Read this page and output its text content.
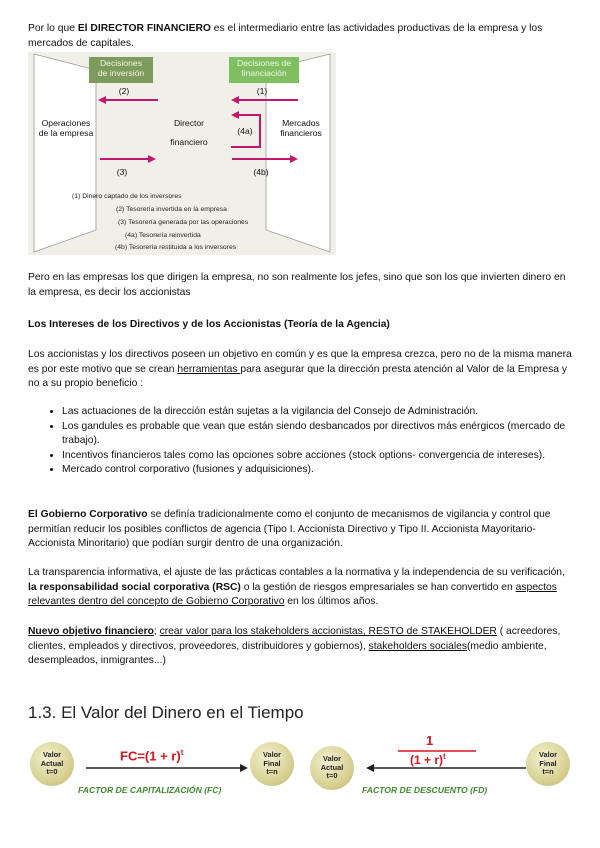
Por lo que El DIRECTOR FINANCIERO es el intermediario entre las actividades productivas de la empresa y los mercados de capitales.
Decisiones
de inversión
Decisiones de
financiación
Operaciones
de la empresa
Director
financiero
Mercados
financieros
(2)	(1)
(3)
(4a)
(4b)
(1) Dinero captado de los inversores
(2) Tesorería invertida en la empresa
(3) Tesorería generada por las operaciones
(4a) Tesorería reinvertida
(4b) Tesorería restituida a los inversores
Pero en las empresas los que dirigen la empresa, no son realmente los jefes, sino que son los que invierten dinero en la empresa, es decir los accionistas
Los Intereses de los Directivos y de los Accionistas (Teoría de la Agencia)
Los accionistas y los directivos poseen un objetivo en común y es que la empresa crezca, pero no de la misma manera es por este motivo que se crean herramientas para asegurar que la dirección presta atención al Valor de la Empresa y no a su propio beneficio :
• Las actuaciones de la dirección están sujetas a la vigilancia del Consejo de Administración.
• Los gandules es probable que vean que están siendo desbancados por directivos más enérgicos (mercado de trabajo).
• Incentivos financieros tales como las opciones sobre acciones (stock options- convergencia de intereses).
• Mercado control corporativo (fusiones y adquisiciones).
El Gobierno Corporativo se definía tradicionalmente como el conjunto de mecanismos de vigilancia y control que permitían reducir los posibles conflictos de agencia (Tipo I. Accionista Directivo y Tipo II. Accionista Mayoritario-Accionista Minoritario) que podían surgir dentro de una organización.
La transparencia informativa, el ajuste de las prácticas contables a la normativa y la independencia de su verificación, la responsabilidad social corporativa (RSC) o la gestión de riesgos empresariales se han convertido en aspectos relevantes dentro del concepto de Gobierno Corporativo en los últimos años.
Nuevo objetivo financiero; crear valor para los stakeholders accionistas, RESTO de STAKEHOLDER ( acreedores, clientes, empleados y directivos, proveedores, distribuidores y gobiernos), stakeholders sociales(medio ambiente, desempleados, inmigrantes...)
1.3. El Valor del Dinero en el Tiempo
Valor
Actual
t=0
Valor
Final
t=n
Valor
Actual
t=0
Valor
Final
t=n
$FC=(1 + r)^t$
1
$(1 + r)^t$
FACTOR DE CAPITALIZACIÓN (FC)	FACTOR DE DESCUENTO (FD)
